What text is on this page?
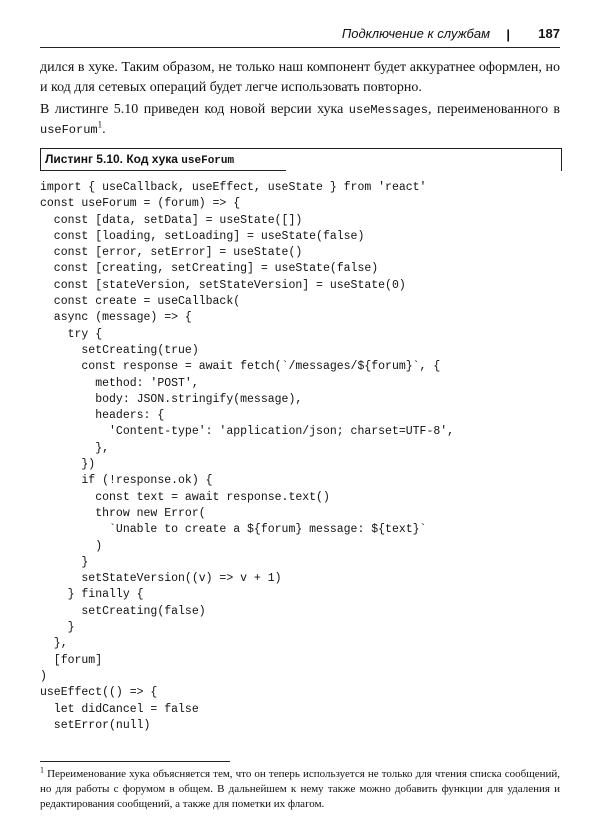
Подключение к службам | 187

дился в хуке. Таким образом, не только наш компонент будет аккуратнее оформлен, но и код для сетевых операций будет легче использовать повторно.

В листинге 5.10 приведен код новой версии хука useMessages, переименованного в useForum$^1$.

Листинг 5.10. Код хука useForum
import { useCallback, useEffect, useState } from 'react'
const useForum = (forum) => {
const [data, setData] = useState([])
const [loading, setLoading] = useState(false)
const [error, setError] = useState()
const [creating, setCreating] = useState(false)
const [stateVersion, setStateVersion] = useState(0)
const create = useCallback(
async (message) => {
try {
setCreating(true)
const response = await fetch(`/messages/${forum}`, {
method: 'POST',
body: JSON.stringify(message),
headers: {
'Content-type': 'application/json; charset=UTF-8',
},
})
if (!response.ok) {
const text = await response.text()
throw new Error(
`Unable to create a ${forum} message: ${text}`
)
}
setStateVersion((v) => v + 1)
} finally {
setCreating(false)
}
},
[forum]
)
useEffect(() => {
let didCancel = false
setError(null)
$^1$ Переименование хука объясняется тем, что он теперь используется не только для чтения списка сообщений, но для работы с форумом в общем. В дальнейшем к нему также можно добавить функции для удаления и редактирования сообщений, а также для пометки их флагом.
